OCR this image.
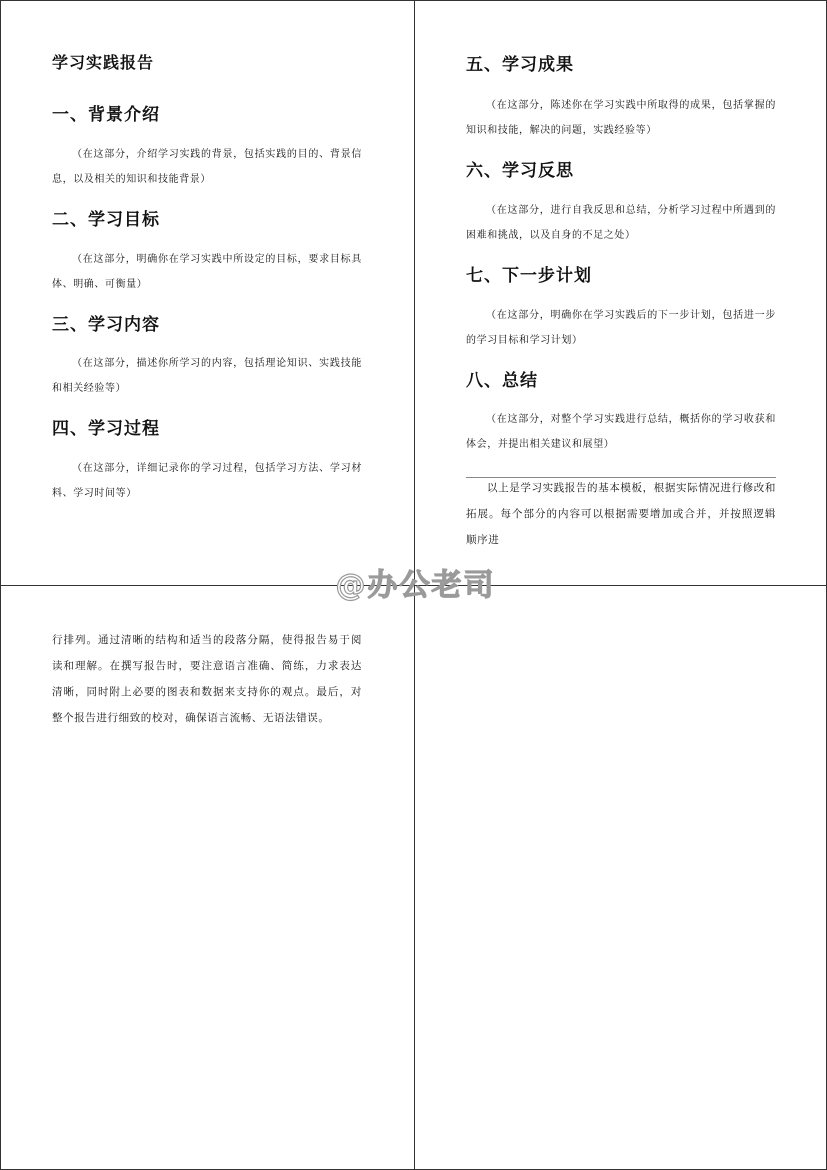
学习实践报告
一、背景介绍
（在这部分，介绍学习实践的背景，包括实践的目的、背景信息，以及相关的知识和技能背景）
二、学习目标
（在这部分，明确你在学习实践中所设定的目标，要求目标具体、明确、可衡量）
三、学习内容
（在这部分，描述你所学习的内容，包括理论知识、实践技能和相关经验等）
四、学习过程
（在这部分，详细记录你的学习过程，包括学习方法、学习材料、学习时间等）
五、学习成果
（在这部分，陈述你在学习实践中所取得的成果，包括掌握的知识和技能，解决的问题，实践经验等）
六、学习反思
（在这部分，进行自我反思和总结，分析学习过程中所遇到的困难和挑战，以及自身的不足之处）
七、下一步计划
（在这部分，明确你在学习实践后的下一步计划，包括进一步的学习目标和学习计划）
八、总结
（在这部分，对整个学习实践进行总结，概括你的学习收获和体会，并提出相关建议和展望）
以上是学习实践报告的基本模板，根据实际情况进行修改和拓展。每个部分的内容可以根据需要增加或合并，并按照逻辑顺序进
行排列。通过清晰的结构和适当的段落分隔，使得报告易于阅读和理解。在撰写报告时，要注意语言准确、简练，力求表达清晰，同时附上必要的图表和数据来支持你的观点。最后，对整个报告进行细致的校对，确保语言流畅、无语法错误。
@办公老司
